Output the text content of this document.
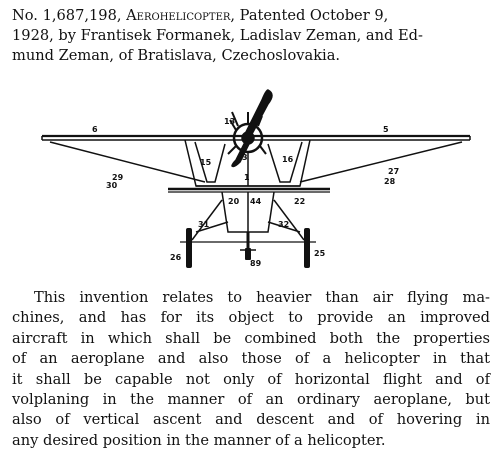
No. 1,687,198, Aerohelicopter, Patented October 9,
1928, by Frantisek Formanek, Ladislav Zeman, and Ed-
mund Zeman, of Bratislava, Czechoslovakia.
6	5
13
3
15	16
1
29
30
27
28
20 44	22
31	32
26	25
89
This invention relates to heavier than air flying ma-
chines, and has for its object to provide an improved
aircraft in which shall be combined both the properties
of an aeroplane and also those of a helicopter in that
it shall be capable not only of horizontal flight and of
volplaning in the manner of an ordinary aeroplane, but
also of vertical ascent and descent and of hovering in
any desired position in the manner of a helicopter.
